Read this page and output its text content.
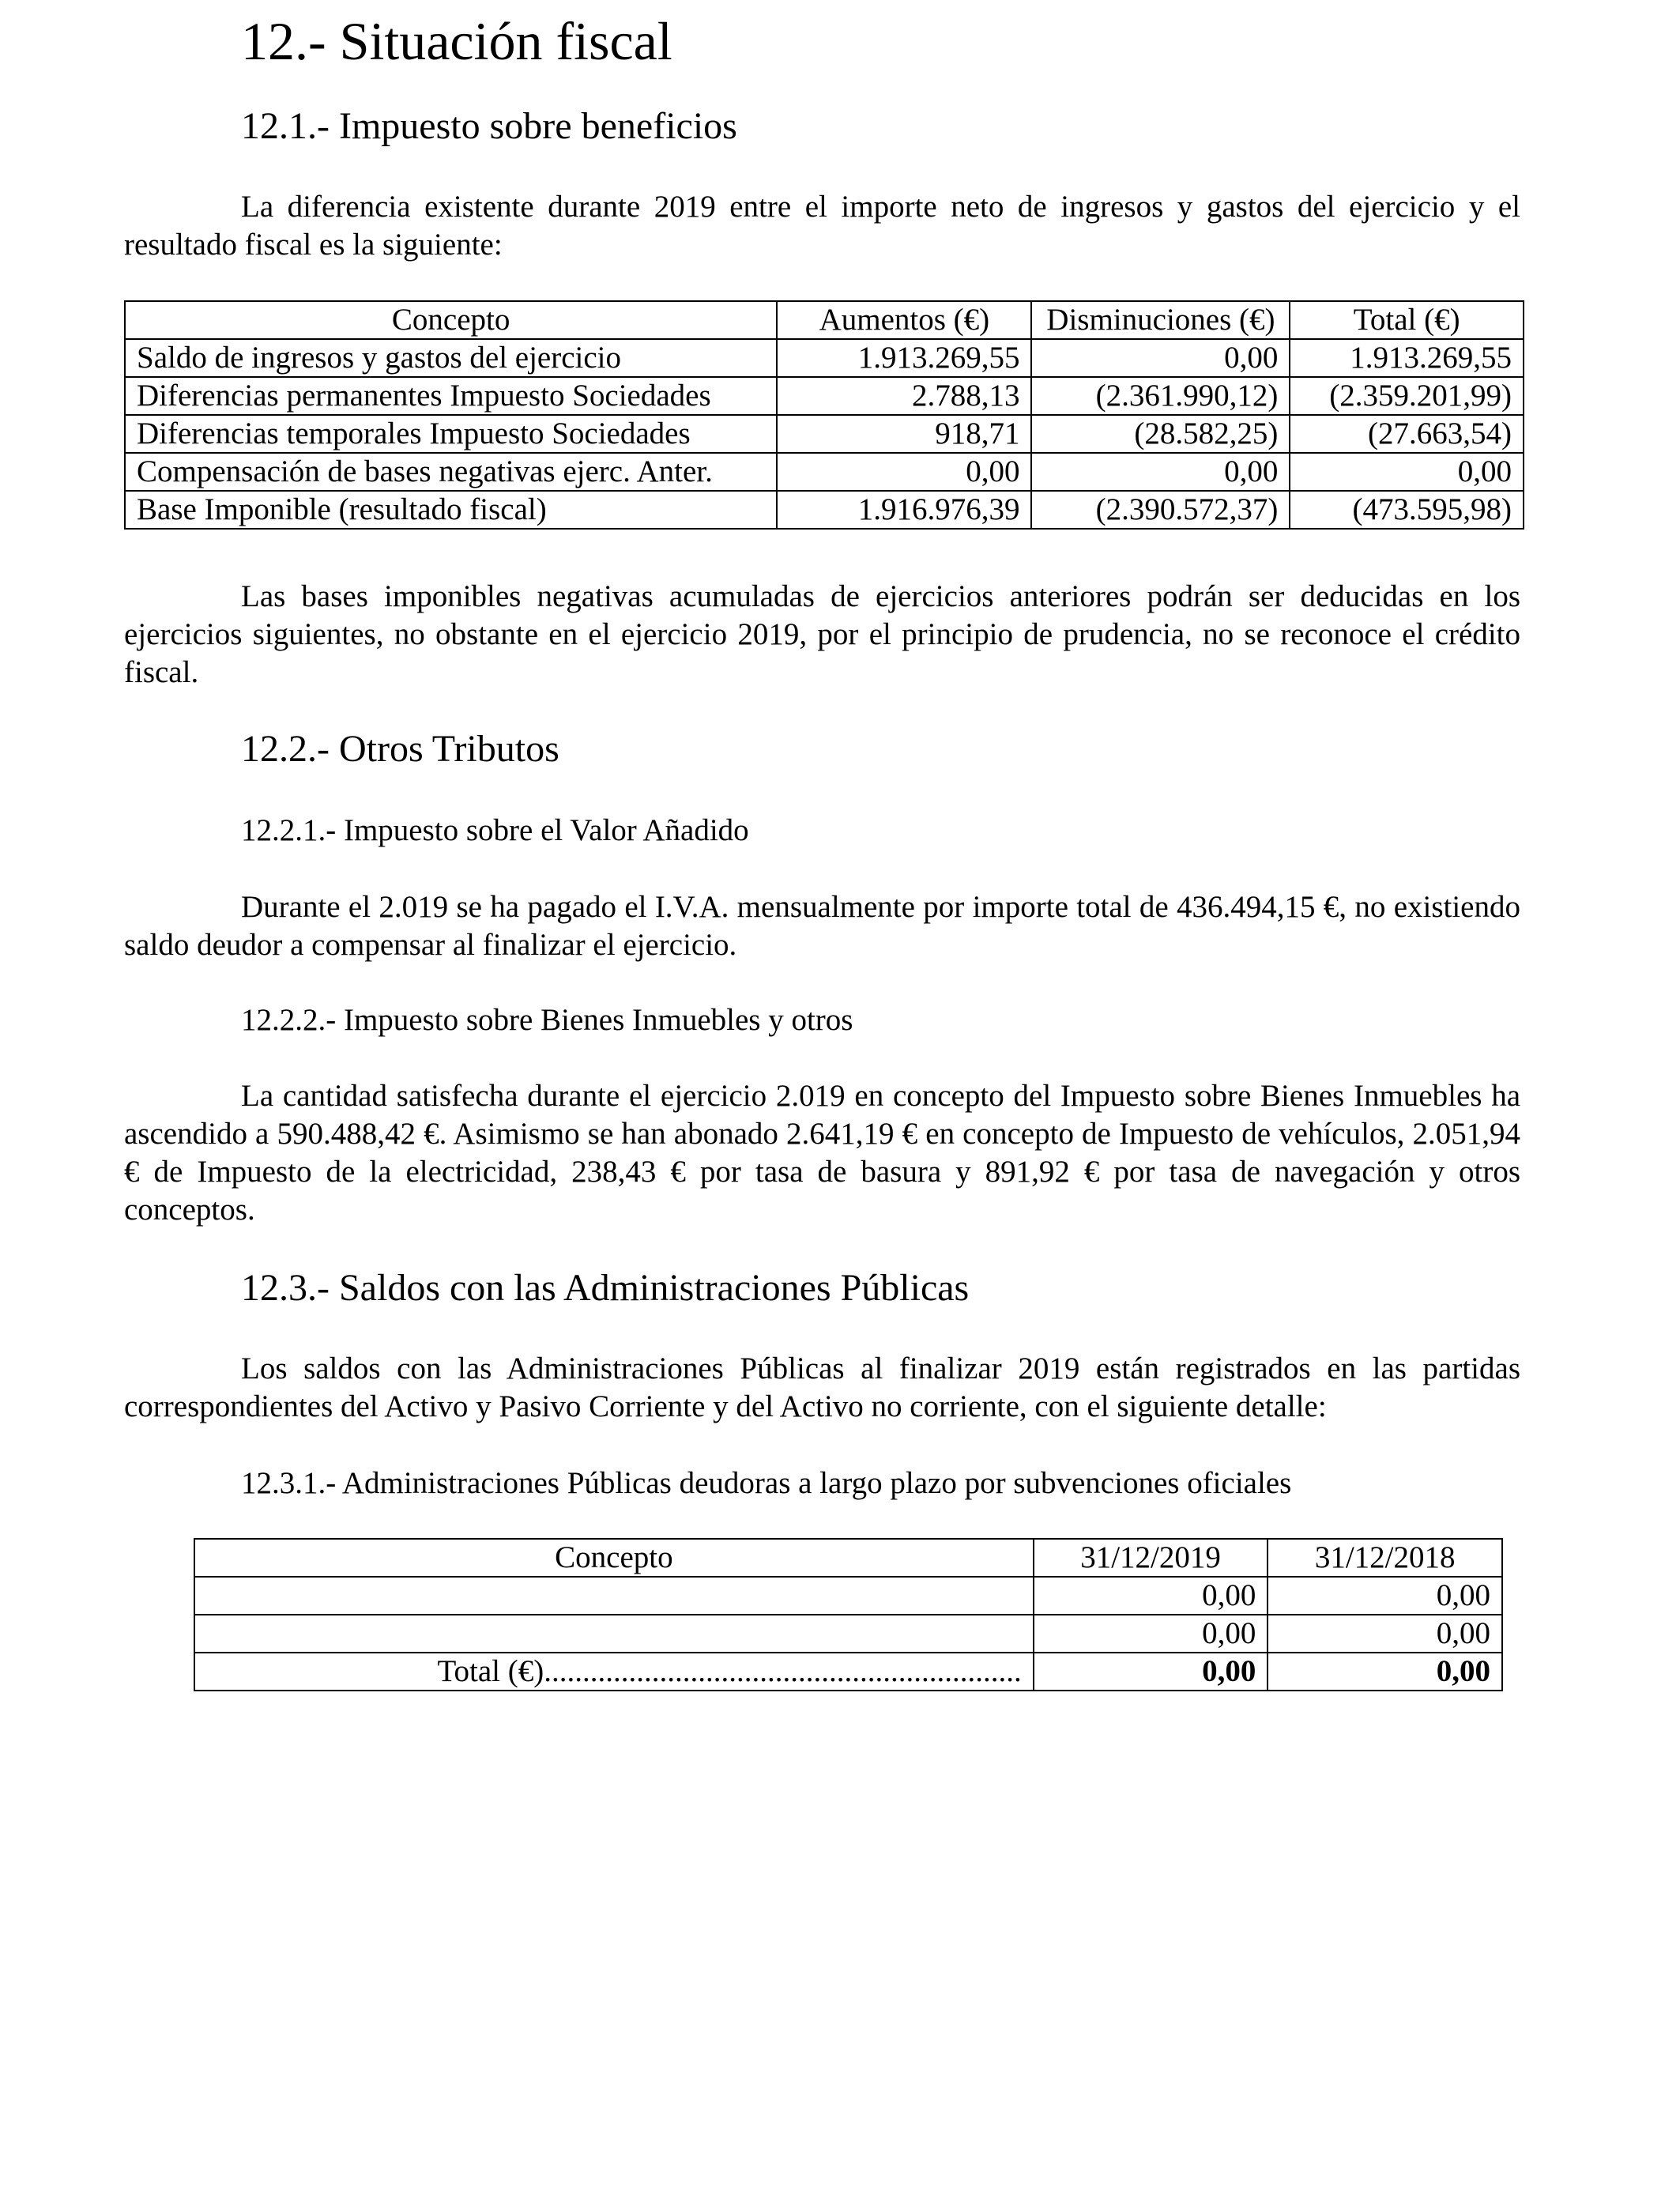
12.- Situación fiscal
12.1.- Impuesto sobre beneficios

La diferencia existente durante 2019 entre el importe neto de ingresos y gastos del ejercicio y el resultado fiscal es la siguiente:

Concepto	Aumentos (€)	Disminuciones (€)	Total (€)
Saldo de ingresos y gastos del ejercicio	1.913.269,55	0,00	1.913.269,55
Diferencias permanentes Impuesto Sociedades	2.788,13	(2.361.990,12)	(2.359.201,99)
Diferencias temporales Impuesto Sociedades	918,71	(28.582,25)	(27.663,54)
Compensación de bases negativas ejerc. Anter.	0,00	0,00	0,00
Base Imponible (resultado fiscal)	1.916.976,39	(2.390.572,37)	(473.595,98)

Las bases imponibles negativas acumuladas de ejercicios anteriores podrán ser deducidas en los ejercicios siguientes, no obstante en el ejercicio 2019, por el principio de prudencia, no se reconoce el crédito fiscal.

12.2.- Otros Tributos
12.2.1.- Impuesto sobre el Valor Añadido

Durante el 2.019 se ha pagado el I.V.A. mensualmente por importe total de 436.494,15 €, no existiendo saldo deudor a compensar al finalizar el ejercicio.

12.2.2.- Impuesto sobre Bienes Inmuebles y otros

La cantidad satisfecha durante el ejercicio 2.019 en concepto del Impuesto sobre Bienes Inmuebles ha ascendido a 590.488,42 €. Asimismo se han abonado 2.641,19 € en concepto de Impuesto de vehículos, 2.051,94 € de Impuesto de la electricidad, 238,43 € por tasa de basura y 891,92 € por tasa de navegación y otros conceptos.

12.3.- Saldos con las Administraciones Públicas

Los saldos con las Administraciones Públicas al finalizar 2019 están registrados en las partidas correspondientes del Activo y Pasivo Corriente y del Activo no corriente, con el siguiente detalle:

12.3.1.- Administraciones Públicas deudoras a largo plazo por subvenciones oficiales
Concepto	31/12/2019	31/12/2018
	0,00	0,00
	0,00	0,00
Total (€)..............................................................	0,00	0,00
